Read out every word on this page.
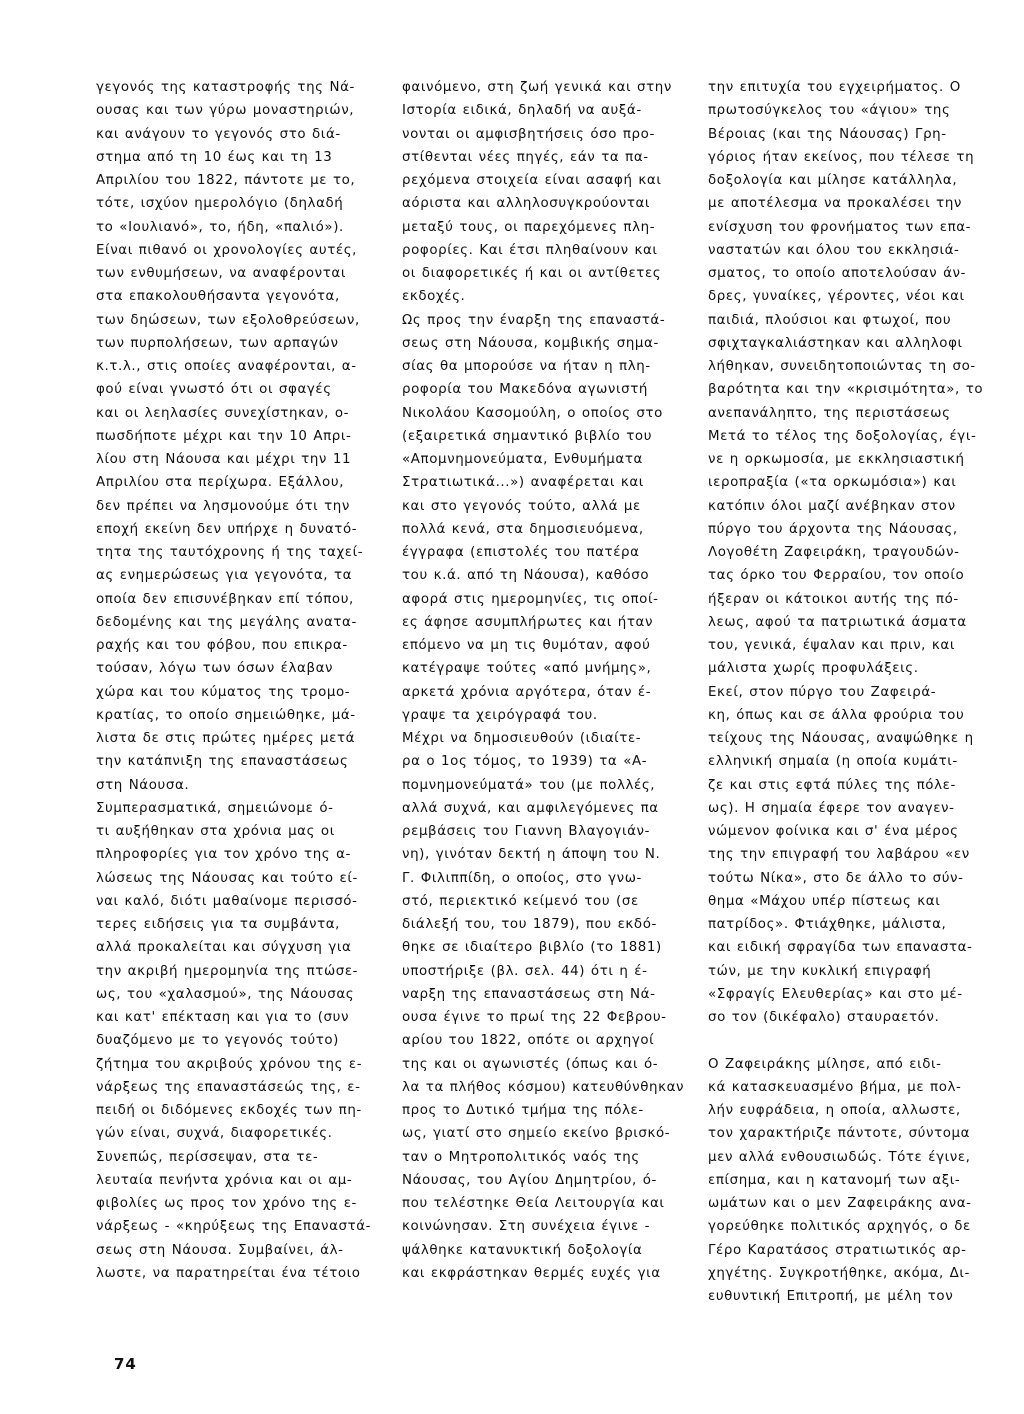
γεγονός της καταστροφής της Νά-
ουσας και των γύρω μοναστηριών,
και ανάγουν το γεγονός στο διά-
στημα από τη 10 έως και τη 13
Απριλίου του 1822, πάντοτε με το,
τότε, ισχύον ημερολόγιο (δηλαδή
το «Ιουλιανό», το, ήδη, «παλιό»).
Είναι πιθανό οι χρονολογίες αυτές,
των ενθυμήσεων, να αναφέρονται
στα επακολουθήσαντα γεγονότα,
των δηώσεων, των εξολοθρεύσεων,
των πυρπολήσεων, των αρπαγών
κ.τ.λ., στις οποίες αναφέρονται, α-
φού είναι γνωστό ότι οι σφαγές
και οι λεηλασίες συνεχίστηκαν, ο-
πωσδήποτε μέχρι και την 10 Απρι-
λίου στη Νάουσα και μέχρι την 11
Απριλίου στα περίχωρα. Εξάλλου,
δεν πρέπει να λησμονούμε ότι την
εποχή εκείνη δεν υπήρχε η δυνατό-
τητα της ταυτόχρονης ή της ταχεί-
ας ενημερώσεως για γεγονότα, τα
οποία δεν επισυνέβηκαν επί τόπου,
δεδομένης και της μεγάλης ανατα-
ραχής και του φόβου, που επικρα-
τούσαν, λόγω των όσων έλαβαν
χώρα και του κύματος της τρομο-
κρατίας, το οποίο σημειώθηκε, μά-
λιστα δε στις πρώτες ημέρες μετά
την κατάπνιξη της επαναστάσεως
στη Νάουσα.
Συμπερασματικά, σημειώνομε ό-
τι αυξήθηκαν στα χρόνια μας οι
πληροφορίες για τον χρόνο της α-
λώσεως της Νάουσας και τούτο εί-
ναι καλό, διότι μαθαίνομε περισσό-
τερες ειδήσεις για τα συμβάντα,
αλλά προκαλείται και σύγχυση για
την ακριβή ημερομηνία της πτώσε-
ως, του «χαλασμού», της Νάουσας
και κατ' επέκταση και για το (συν
δυαζόμενο με το γεγονός τούτο)
ζήτημα του ακριβούς χρόνου της ε-
νάρξεως της επαναστάσεώς της, ε-
πειδή οι διδόμενες εκδοχές των πη-
γών είναι, συχνά, διαφορετικές.
Συνεπώς, περίσσεψαν, στα τε-
λευταία πενήντα χρόνια και οι αμ-
φιβολίες ως προς τον χρόνο της ε-
νάρξεως - «κηρύξεως της Επαναστά-
σεως στη Νάουσα. Συμβαίνει, άλ-
λωστε, να παρατηρείται ένα τέτοιο
φαινόμενο, στη ζωή γενικά και στην
Ιστορία ειδικά, δηλαδή να αυξά-
νονται οι αμφισβητήσεις όσο προ-
στίθενται νέες πηγές, εάν τα πα-
ρεχόμενα στοιχεία είναι ασαφή και
αόριστα και αλληλοσυγκρούονται
μεταξύ τους, οι παρεχόμενες πλη-
ροφορίες. Και έτσι πληθαίνουν και
οι διαφορετικές ή και οι αντίθετες
εκδοχές.
Ως προς την έναρξη της επαναστά-
σεως στη Νάουσα, κομβικής σημα-
σίας θα μπορούσε να ήταν η πλη-
ροφορία του Μακεδόνα αγωνιστή
Νικολάου Κασομούλη, ο οποίος στο
(εξαιρετικά σημαντικό βιβλίο του
«Απομνημονεύματα, Ενθυμήματα
Στρατιωτικά...») αναφέρεται και
και στο γεγονός τούτο, αλλά με
πολλά κενά, στα δημοσιευόμενα,
έγγραφα (επιστολές του πατέρα
του κ.ά. από τη Νάουσα), καθόσο
αφορά στις ημερομηνίες, τις οποί-
ες άφησε ασυμπλήρωτες και ήταν
επόμενο να μη τις θυμόταν, αφού
κατέγραψε τούτες «από μνήμης»,
αρκετά χρόνια αργότερα, όταν έ-
γραψε τα χειρόγραφά του.
Μέχρι να δημοσιευθούν (ιδιαίτε-
ρα ο 1ος τόμος, το 1939) τα «Α-
πομνημονεύματά» του (με πολλές,
αλλά συχνά, και αμφιλεγόμενες πα
ρεμβάσεις του Γιαννη Βλαγογιάν-
νη), γινόταν δεκτή η άποψη του Ν.
Γ. Φιλιππίδη, ο οποίος, στο γνω-
στό, περιεκτικό κείμενό του (σε
διάλεξή του, του 1879), που εκδό-
θηκε σε ιδιαίτερο βιβλίο (το 1881)
υποστήριξε (βλ. σελ. 44) ότι η έ-
ναρξη της επαναστάσεως στη Νά-
ουσα έγινε το πρωί της 22 Φεβρου-
αρίου του 1822, οπότε οι αρχηγοί
της και οι αγωνιστές (όπως και ό-
λα τα πλήθος κόσμου) κατευθύνθηκαν
προς το Δυτικό τμήμα της πόλε-
ως, γιατί στο σημείο εκείνο βρισκό-
ταν ο Μητροπολιτικός ναός της
Νάουσας, του Αγίου Δημητρίου, ό-
που τελέστηκε Θεία Λειτουργία και
κοινώνησαν. Στη συνέχεια έγινε -
ψάλθηκε κατανυκτική δοξολογία
και εκφράστηκαν θερμές ευχές για
την επιτυχία του εγχειρήματος. Ο
πρωτοσύγκελος του «άγιου» της
Βέροιας (και της Νάουσας) Γρη-
γόριος ήταν εκείνος, που τέλεσε τη
δοξολογία και μίλησε κατάλληλα,
με αποτέλεσμα να προκαλέσει την
ενίσχυση του φρονήματος των επα-
ναστατών και όλου του εκκλησιά-
σματος, το οποίο αποτελούσαν άν-
δρες, γυναίκες, γέροντες, νέοι και
παιδιά, πλούσιοι και φτωχοί, που
σφιχταγκαλιάστηκαν και αλληλοφι
λήθηκαν, συνειδητοποιώντας τη σο-
βαρότητα και την «κρισιμότητα», το
ανεπανάληπτο, της περιστάσεως
Μετά το τέλος της δοξολογίας, έγι-
νε η ορκωμοσία, με εκκλησιαστική
ιεροπραξία («τα ορκωμόσια») και
κατόπιν όλοι μαζί ανέβηκαν στον
πύργο του άρχοντα της Νάουσας,
Λογοθέτη Ζαφειράκη, τραγουδών-
τας όρκο του Φερραίου, τον οποίο
ήξεραν οι κάτοικοι αυτής της πό-
λεως, αφού τα πατριωτικά άσματα
του, γενικά, έψαλαν και πριν, και
μάλιστα χωρίς προφυλάξεις.
Εκεί, στον πύργο του Ζαφειρά-
κη, όπως και σε άλλα φρούρια του
τείχους της Νάουσας, αναψώθηκε η
ελληνική σημαία (η οποία κυμάτι-
ζε και στις εφτά πύλες της πόλε-
ως). Η σημαία έφερε τον αναγεν-
νώμενον φοίνικα και σ' ένα μέρος
της την επιγραφή του λαβάρου «εν
τούτω Νίκα», στο δε άλλο το σύν-
θημα «Μάχου υπέρ πίστεως και
πατρίδος». Φτιάχθηκε, μάλιστα,
και ειδική σφραγίδα των επαναστα-
τών, με την κυκλική επιγραφή
«Σφραγίς Ελευθερίας» και στο μέ-
σο τον (δικέφαλο) σταυραετόν.
Ο Ζαφειράκης μίλησε, από ειδι-
κά κατασκευασμένο βήμα, με πολ-
λήν ευφράδεια, η οποία, αλλωστε,
τον χαρακτήριζε πάντοτε, σύντομα
μεν αλλά ενθουσιωδώς. Τότε έγινε,
επίσημα, και η κατανομή των αξι-
ωμάτων και ο μεν Ζαφειράκης ανα-
γορεύθηκε πολιτικός αρχηγός, ο δε
Γέρο Καρατάσος στρατιωτικός αρ-
χηγέτης. Συγκροτήθηκε, ακόμα, Δι-
ευθυντική Επιτροπή, με μέλη τον
74
